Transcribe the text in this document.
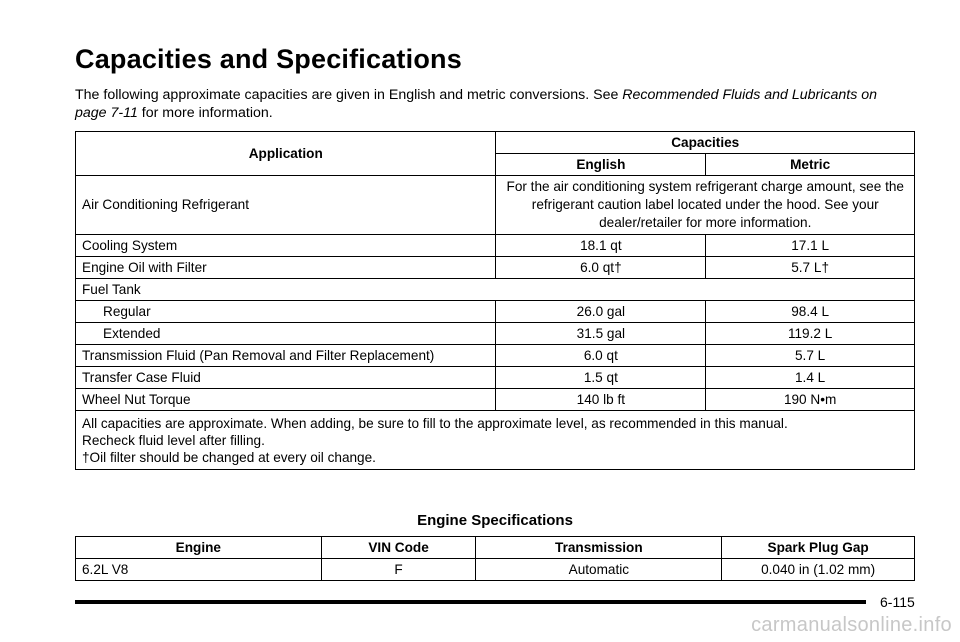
Capacities and Specifications
The following approximate capacities are given in English and metric conversions. See Recommended Fluids and Lubricants on page 7-11 for more information.
Application	Capacities	
	English	Metric
Air Conditioning Refrigerant	For the air conditioning system refrigerant charge amount, see the refrigerant caution label located under the hood. See your dealer/retailer for more information.	
Cooling System	18.1 qt	17.1 L
Engine Oil with Filter	6.0 qt†	5.7 L†
Fuel Tank		
Regular	26.0 gal	98.4 L
Extended	31.5 gal	119.2 L
Transmission Fluid (Pan Removal and Filter Replacement)	6.0 qt	5.7 L
Transfer Case Fluid	1.5 qt	1.4 L
Wheel Nut Torque	140 lb ft	190 N•m

All capacities are approximate. When adding, be sure to fill to the approximate level, as recommended in this manual.
Recheck fluid level after filling.
†Oil filter should be changed at every oil change.		
Engine Specifications
Engine	VIN Code	Transmission	Spark Plug Gap
6.2L V8	F	Automatic	0.040 in (1.02 mm)
6-115
carmanualsonline.info
